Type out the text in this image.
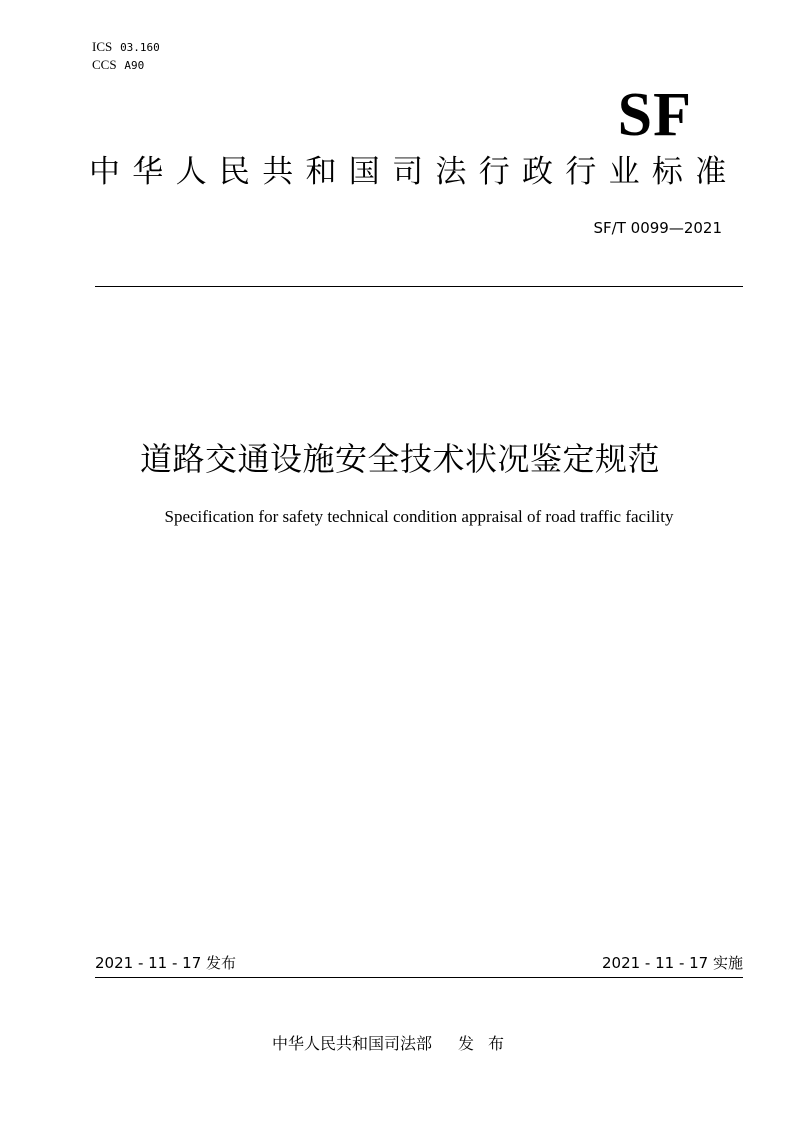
ICS 03.160
CCS A90
SF
中华人民共和国司法行政行业标准
SF/T 0099—2021
道路交通设施安全技术状况鉴定规范
Specification for safety technical condition appraisal of road traffic facility
2021 - 11 - 17 发布	2021 - 11 - 17 实施
中华人民共和国司法部 发布
